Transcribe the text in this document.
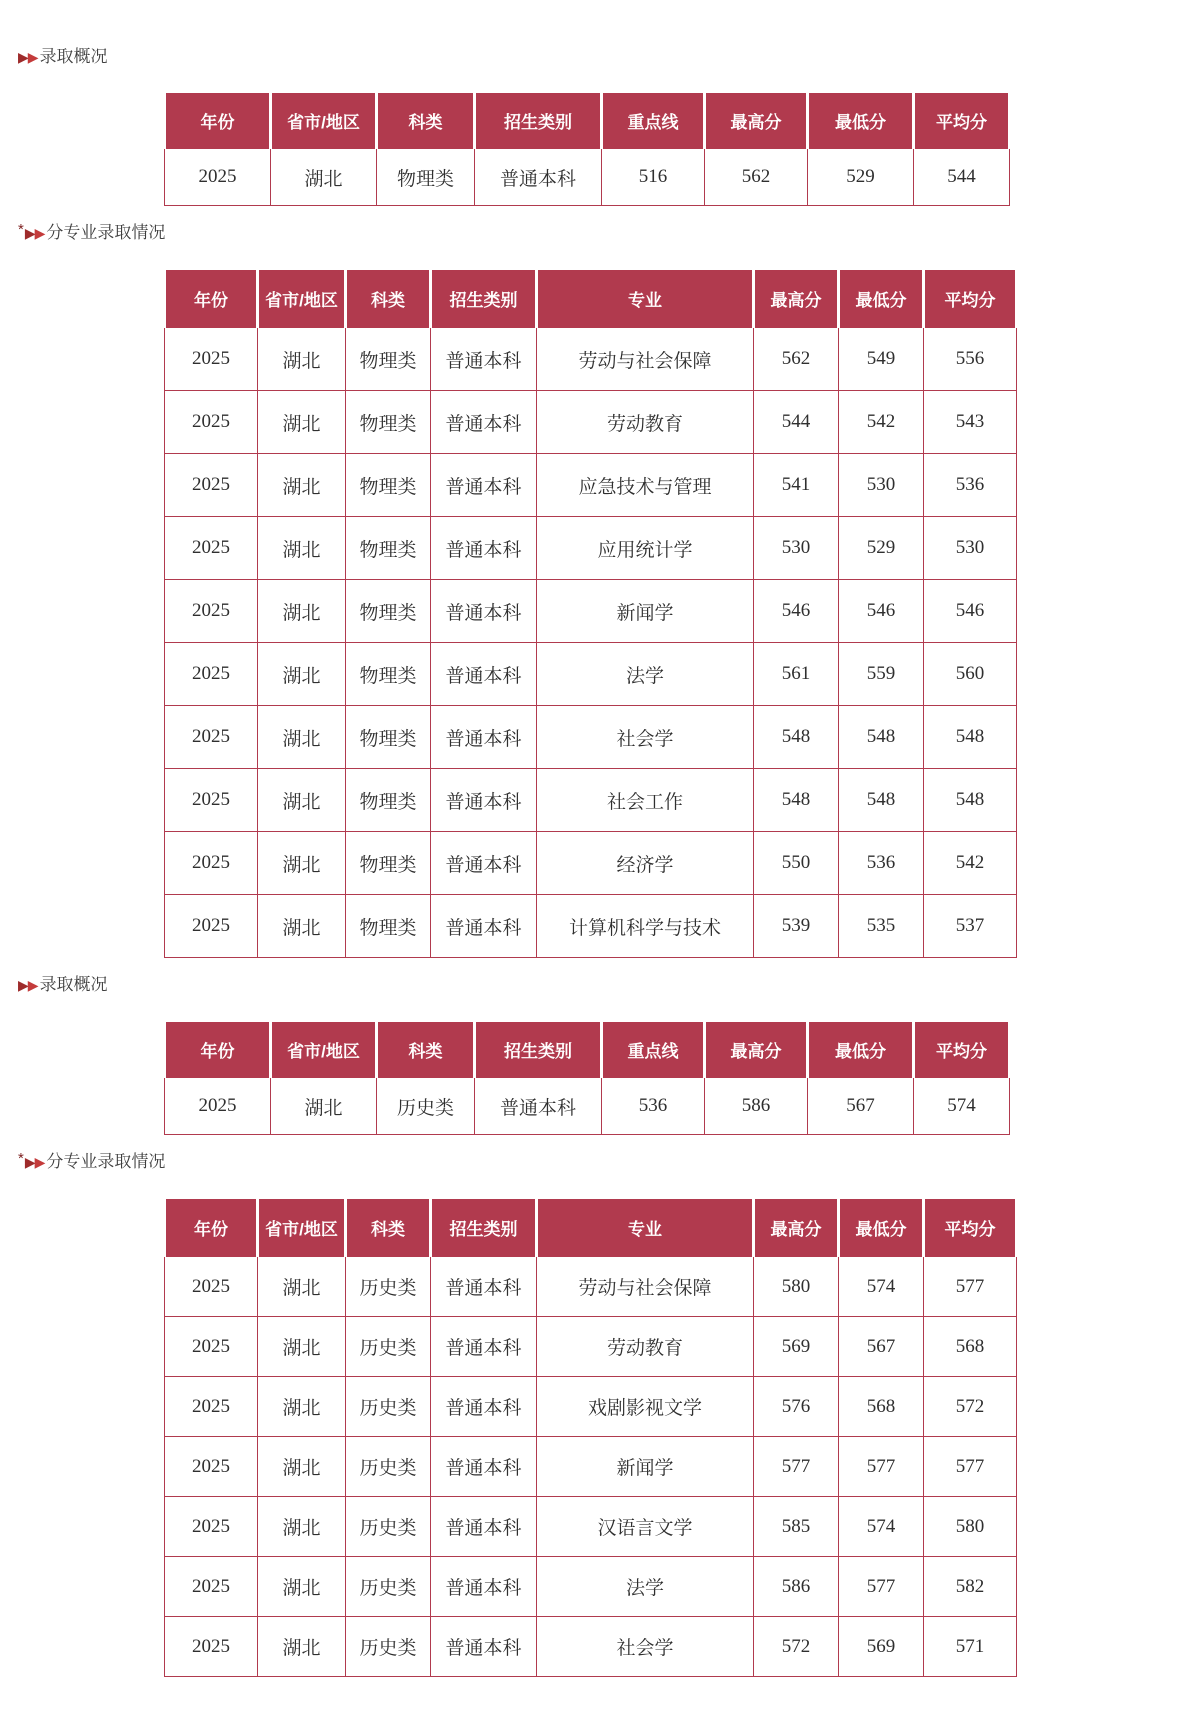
▶ ▶ 录取概况
年份	省市/地区	科类	招生类别	重点线	最高分	最低分	平均分
2025	湖北	物理类	普通本科	516	562	529	544
* ▶ ▶ 分专业录取情况
年份	省市/地区	科类	招生类别	专业	最高分	最低分	平均分
2025	湖北	物理类	普通本科	劳动与社会保障	562	549	556
2025	湖北	物理类	普通本科	劳动教育	544	542	543
2025	湖北	物理类	普通本科	应急技术与管理	541	530	536
2025	湖北	物理类	普通本科	应用统计学	530	529	530
2025	湖北	物理类	普通本科	新闻学	546	546	546
2025	湖北	物理类	普通本科	法学	561	559	560
2025	湖北	物理类	普通本科	社会学	548	548	548
2025	湖北	物理类	普通本科	社会工作	548	548	548
2025	湖北	物理类	普通本科	经济学	550	536	542
2025	湖北	物理类	普通本科	计算机科学与技术	539	535	537
▶ ▶ 录取概况
年份	省市/地区	科类	招生类别	重点线	最高分	最低分	平均分
2025	湖北	历史类	普通本科	536	586	567	574
* ▶ ▶ 分专业录取情况
年份	省市/地区	科类	招生类别	专业	最高分	最低分	平均分
2025	湖北	历史类	普通本科	劳动与社会保障	580	574	577
2025	湖北	历史类	普通本科	劳动教育	569	567	568
2025	湖北	历史类	普通本科	戏剧影视文学	576	568	572
2025	湖北	历史类	普通本科	新闻学	577	577	577
2025	湖北	历史类	普通本科	汉语言文学	585	574	580
2025	湖北	历史类	普通本科	法学	586	577	582
2025	湖北	历史类	普通本科	社会学	572	569	571
